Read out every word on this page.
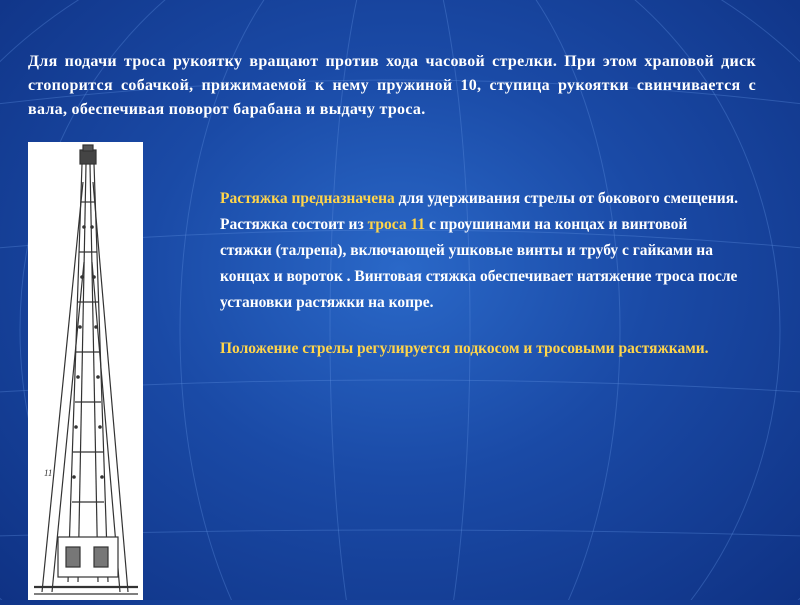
Для подачи троса рукоятку вращают против хода часовой стрелки. При этом храповой диск стопорится собачкой, прижимаемой к нему пружиной 10, ступица рукоятки свинчивается с вала, обеспечивая поворот барабана и выдачу троса.
11
Растяжка предназначена для удерживания стрелы от бокового смещения. Растяжка состоит из троса 11 с проушинами на концах и винтовой стяжки (талрепа), включающей ушковые винты и трубу с гайками на концах и вороток . Винтовая стяжка обеспечивает натяжение троса после установки растяжки на копре.
Положение стрелы регулируется подкосом и тросовыми растяжками.
